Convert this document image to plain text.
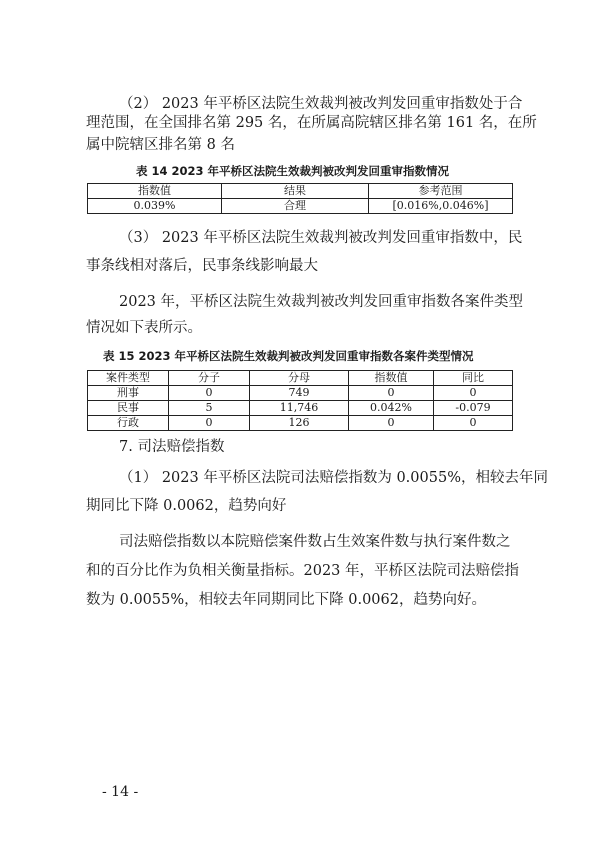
（2） 2023 年平桥区法院生效裁判被改判发回重审指数处于合
理范围，在全国排名第 295 名，在所属高院辖区排名第 161 名，在所
属中院辖区排名第 8 名
表 14 2023 年平桥区法院生效裁判被改判发回重审指数情况
指数值	结果	参考范围
0.039%	合理	[0.016%,0.046%]
（3） 2023 年平桥区法院生效裁判被改判发回重审指数中，民
事条线相对落后，民事条线影响最大
2023 年，平桥区法院生效裁判被改判发回重审指数各案件类型
情况如下表所示。
表 15 2023 年平桥区法院生效裁判被改判发回重审指数各案件类型情况
案件类型	分子	分母	指数值	同比
刑事	0	749	0	0
民事	5	11,746	0.042%	-0.079
行政	0	126	0	0
7. 司法赔偿指数
（1） 2023 年平桥区法院司法赔偿指数为 0.0055%，相较去年同
期同比下降 0.0062，趋势向好
司法赔偿指数以本院赔偿案件数占生效案件数与执行案件数之
和的百分比作为负相关衡量指标。2023 年，平桥区法院司法赔偿指
数为 0.0055%，相较去年同期同比下降 0.0062，趋势向好。
- 14 -
